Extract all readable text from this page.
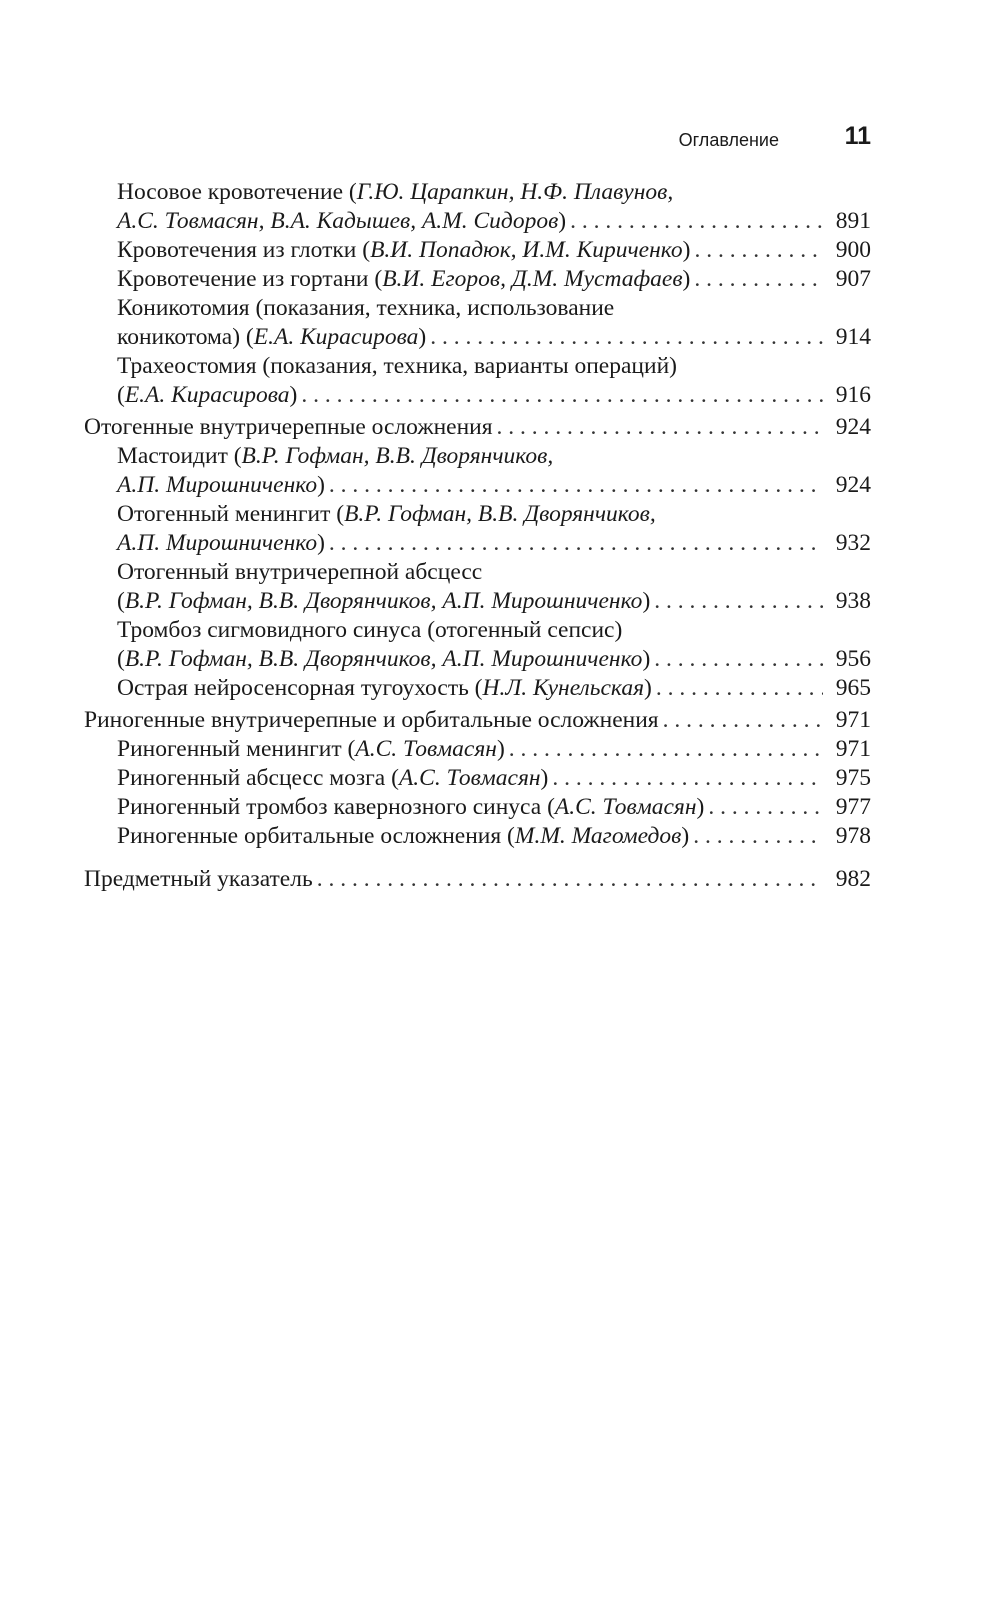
Оглавление	11
Носовое кровотечение ( Г.Ю. Царапкин, Н.Ф. Плавунов,
А.С. Товмасян, В.А. Кадышев, А.М. Сидоров ) . . .	891
Кровотечения из глотки ( В.И. Попадюк, И.М. Кириченко ) . . .	900
Кровотечение из гортани ( В.И. Егоров, Д.М. Мустафаев ) . . .	907
Коникотомия (показания, техника, использование
коникотома) ( Е.А. Кирасирова ) . . .	914
Трахеостомия (показания, техника, варианты операций)
( Е.А. Кирасирова ) . . .	916
Отогенные внутричерепные осложнения . . .	924
Мастоидит ( В.Р. Гофман, В.В. Дворянчиков,
А.П. Мирошниченко ) . . .	924
Отогенный менингит ( В.Р. Гофман, В.В. Дворянчиков,
А.П. Мирошниченко ) . . .	932
Отогенный внутричерепной абсцесс
( В.Р. Гофман, В.В. Дворянчиков, А.П. Мирошниченко ) . . .	938
Тромбоз сигмовидного синуса (отогенный сепсис)
( В.Р. Гофман, В.В. Дворянчиков, А.П. Мирошниченко ) . . .	956
Острая нейросенсорная тугоухость ( Н.Л. Кунельская ) . . .	965
Риногенные внутричерепные и орбитальные осложнения . . .	971
Риногенный менингит ( А.С. Товмасян ) . . .	971
Риногенный абсцесс мозга ( А.С. Товмасян ) . . .	975
Риногенный тромбоз кавернозного синуса ( А.С. Товмасян ) . . .	977
Риногенные орбитальные осложнения ( М.М. Магомедов ) . . .	978
Предметный указатель . . .	982
